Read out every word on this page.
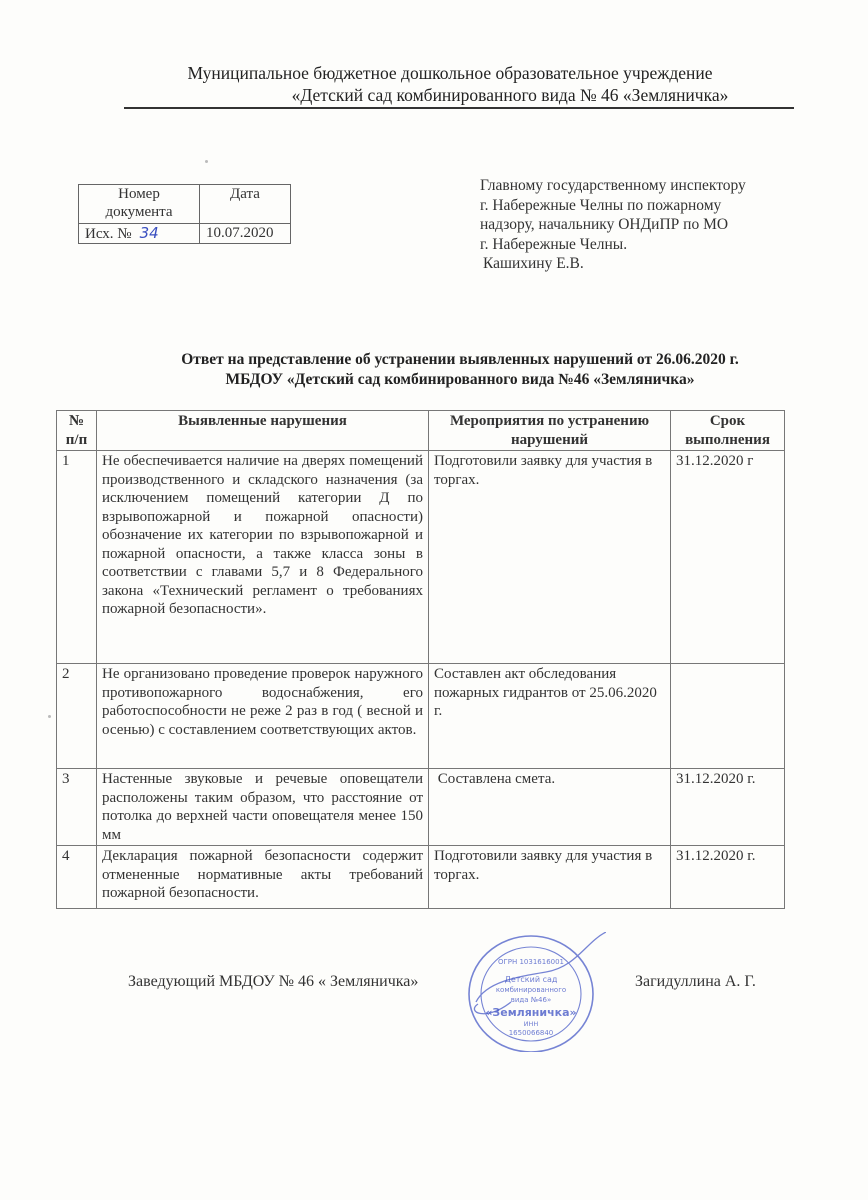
Муниципальное бюджетное дошкольное образовательное учреждение
«Детский сад комбинированного вида № 46 «Земляничка»
Номер документа	Дата
Исх. № 34	10.07.2020
Главному государственному инспектору
г. Набережные Челны по пожарному
надзору, начальнику ОНДиПР по МО
г. Набережные Челны.
Кашихину Е.В.
Ответ на представление об устранении выявленных нарушений от 26.06.2020 г.
МБДОУ «Детский сад комбинированного вида №46 «Земляничка»
№ п/п	Выявленные нарушения	Мероприятия по устранению нарушений	Срок выполнения
1	Не обеспечивается наличие на дверях помещений производственного и складского назначения (за исключением помещений категории Д по взрывопожарной и пожарной опасности) обозначение их категории по взрывопожарной и пожарной опасности, а также класса зоны в соответствии с главами 5,7 и 8 Федерального закона «Технический регламент о требованиях пожарной безопасности».	Подготовили заявку для участия в торгах.	31.12.2020 г
2	Не организовано проведение проверок наружного противопожарного водоснабжения, его работоспособности не реже 2 раз в год ( весной и осенью) с составлением соответствующих актов.	Составлен акт обследования пожарных гидрантов от 25.06.2020 г.	
3	Настенные звуковые и речевые оповещатели расположены таким образом, что расстояние от потолка до верхней части оповещателя менее 150 мм	Составлена смета.	31.12.2020 г.
4	Декларация пожарной безопасности содержит отмененные нормативные акты требований пожарной безопасности.	Подготовили заявку для участия в торгах.	31.12.2020 г.
Заведующий МБДОУ № 46 « Земляничка»
ОГРН 1031616001
Детский сад
комбинированного
вида №46»
«Земляничка»
ИНН
1650066840
Загидуллина А. Г.
